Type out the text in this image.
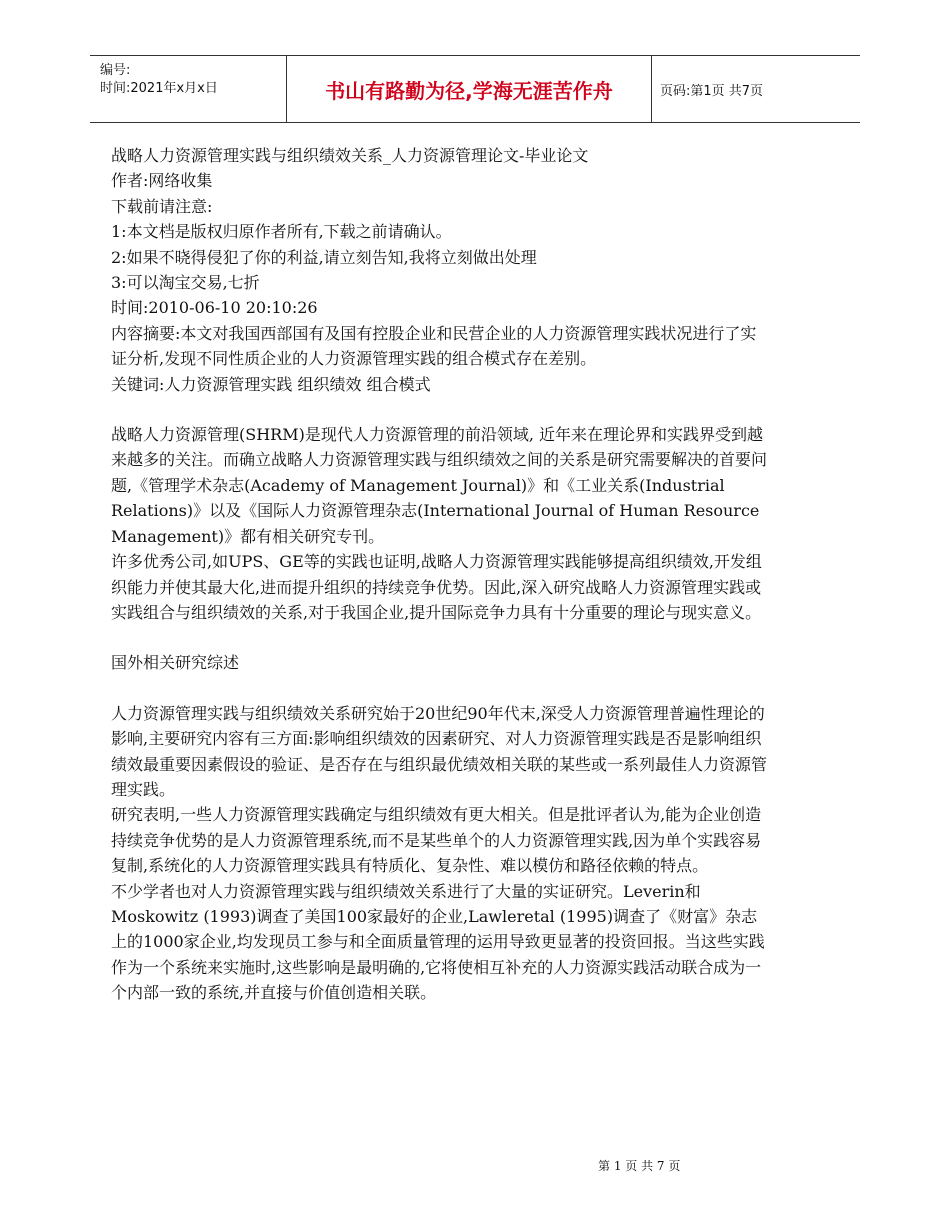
编号:
时间:2021年x月x日	书山有路勤为径,学海无涯苦作舟	页码:第1页 共7页

战略人力资源管理实践与组织绩效关系_人力资源管理论文-毕业论文

作者:网络收集

下载前请注意:

1:本文档是版权归原作者所有,下载之前请确认。

2:如果不晓得侵犯了你的利益,请立刻告知,我将立刻做出处理

3:可以淘宝交易,七折

时间:2010-06-10 20:10:26

内容摘要:本文对我国西部国有及国有控股企业和民营企业的人力资源管理实践状况进行了实证分析,发现不同性质企业的人力资源管理实践的组合模式存在差别。

关键词:人力资源管理实践 组织绩效 组合模式

战略人力资源管理(SHRM)是现代人力资源管理的前沿领域, 近年来在理论界和实践界受到越来越多的关注。而确立战略人力资源管理实践与组织绩效之间的关系是研究需要解决的首要问题,《管理学术杂志(Academy of Management Journal)》和《工业关系(Industrial Relations)》以及《国际人力资源管理杂志(International Journal of Human Resource Management)》都有相关研究专刊。

许多优秀公司,如UPS、GE等的实践也证明,战略人力资源管理实践能够提高组织绩效,开发组织能力并使其最大化,进而提升组织的持续竞争优势。因此,深入研究战略人力资源管理实践或实践组合与组织绩效的关系,对于我国企业,提升国际竞争力具有十分重要的理论与现实意义。

国外相关研究综述

人力资源管理实践与组织绩效关系研究始于20世纪90年代末,深受人力资源管理普遍性理论的影响,主要研究内容有三方面:影响组织绩效的因素研究、对人力资源管理实践是否是影响组织绩效最重要因素假设的验证、是否存在与组织最优绩效相关联的某些或一系列最佳人力资源管理实践。

研究表明,一些人力资源管理实践确定与组织绩效有更大相关。但是批评者认为,能为企业创造持续竞争优势的是人力资源管理系统,而不是某些单个的人力资源管理实践,因为单个实践容易复制,系统化的人力资源管理实践具有特质化、复杂性、难以模仿和路径依赖的特点。

不少学者也对人力资源管理实践与组织绩效关系进行了大量的实证研究。Leverin和Moskowitz (1993)调查了美国100家最好的企业,Lawleretal (1995)调查了《财富》杂志上的1000家企业,均发现员工参与和全面质量管理的运用导致更显著的投资回报。当这些实践作为一个系统来实施时,这些影响是最明确的,它将使相互补充的人力资源实践活动联合成为一个内部一致的系统,并直接与价值创造相关联。

第 1 页 共 7 页
